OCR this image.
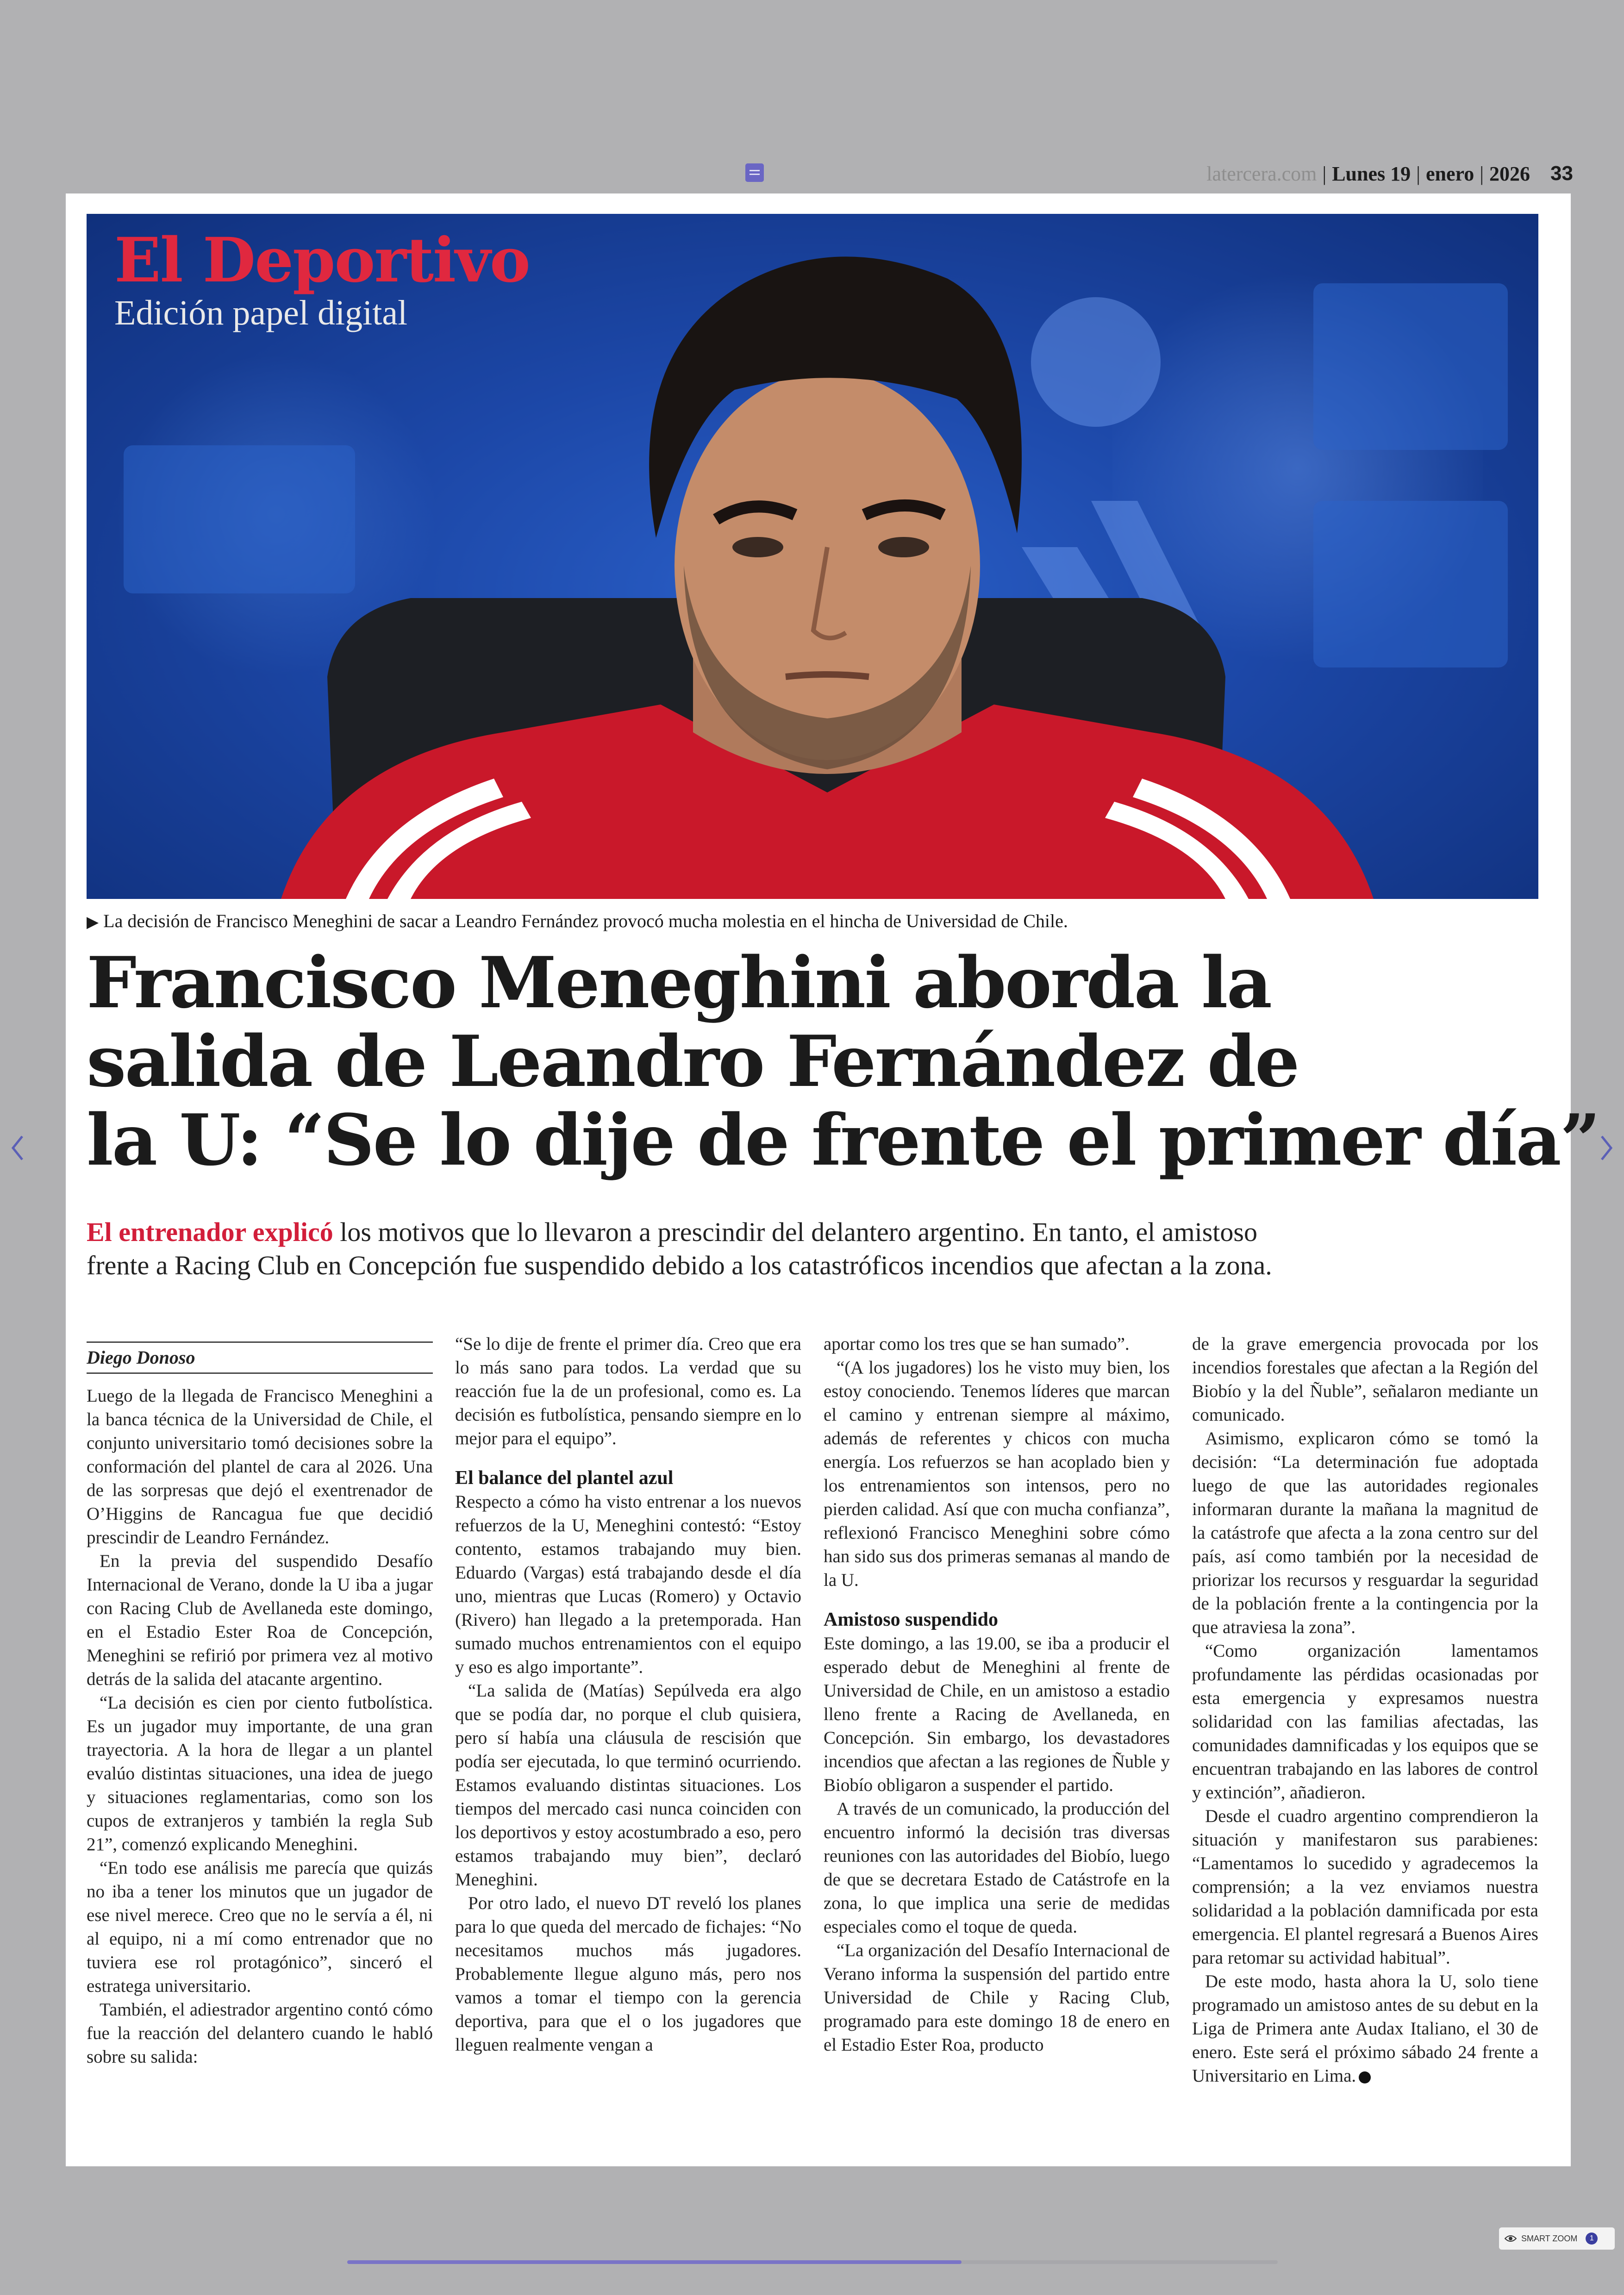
latercera.com | Lunes 19 | enero | 2026 33
El Deportivo
Edición papel digital
▶ La decisión de Francisco Meneghini de sacar a Leandro Fernández provocó mucha molestia en el hincha de Universidad de Chile.
Francisco Meneghini aborda la
salida de Leandro Fernández de
la U: “Se lo dije de frente el primer día”
El entrenador explicó los motivos que lo llevaron a prescindir del delantero argentino. En tanto, el amistoso
frente a Racing Club en Concepción fue suspendido debido a los catastróficos incendios que afectan a la zona.
Diego Donoso

Luego de la llegada de Francisco Meneghini a la banca técnica de la Universidad de Chile, el conjunto universitario tomó decisiones sobre la conformación del plantel de cara al 2026. Una de las sorpresas que dejó el exentrenador de O’Higgins de Rancagua fue que decidió prescindir de Leandro Fernández.

En la previa del suspendido Desafío Internacional de Verano, donde la U iba a jugar con Racing Club de Avellaneda este domingo, en el Estadio Ester Roa de Concepción, Meneghini se refirió por primera vez al motivo detrás de la salida del atacante argentino.

“La decisión es cien por ciento futbolística. Es un jugador muy importante, de una gran trayectoria. A la hora de llegar a un plantel evalúo distintas situaciones, una idea de juego y situaciones reglamentarias, como son los cupos de extranjeros y también la regla Sub 21”, comenzó explicando Meneghini.

“En todo ese análisis me parecía que quizás no iba a tener los minutos que un jugador de ese nivel merece. Creo que no le servía a él, ni al equipo, ni a mí como entrenador que no tuviera ese rol protagónico”, sinceró el estratega universitario.

También, el adiestrador argentino contó cómo fue la reacción del delantero cuando le habló sobre su salida:

“Se lo dije de frente el primer día. Creo que era lo más sano para todos. La verdad que su reacción fue la de un profesional, como es. La decisión es futbolística, pensando siempre en lo mejor para el equipo”.

El balance del plantel azul

Respecto a cómo ha visto entrenar a los nuevos refuerzos de la U, Meneghini contestó: “Estoy contento, estamos trabajando muy bien. Eduardo (Vargas) está trabajando desde el día uno, mientras que Lucas (Romero) y Octavio (Rivero) han llegado a la pretemporada. Han sumado muchos entrenamientos con el equipo y eso es algo importante”.

“La salida de (Matías) Sepúlveda era algo que se podía dar, no porque el club quisiera, pero sí había una cláusula de rescisión que podía ser ejecutada, lo que terminó ocurriendo. Estamos evaluando distintas situaciones. Los tiempos del mercado casi nunca coinciden con los deportivos y estoy acostumbrado a eso, pero estamos trabajando muy bien”, declaró Meneghini.

Por otro lado, el nuevo DT reveló los planes para lo que queda del mercado de fichajes: “No necesitamos muchos más jugadores. Probablemente llegue alguno más, pero nos vamos a tomar el tiempo con la gerencia deportiva, para que el o los jugadores que lleguen realmente vengan a

aportar como los tres que se han sumado”.

“(A los jugadores) los he visto muy bien, los estoy conociendo. Tenemos líderes que marcan el camino y entrenan siempre al máximo, además de referentes y chicos con mucha energía. Los refuerzos se han acoplado bien y los entrenamientos son intensos, pero no pierden calidad. Así que con mucha confianza”, reflexionó Francisco Meneghini sobre cómo han sido sus dos primeras semanas al mando de la U.

Amistoso suspendido

Este domingo, a las 19.00, se iba a producir el esperado debut de Meneghini al frente de Universidad de Chile, en un amistoso a estadio lleno frente a Racing de Avellaneda, en Concepción. Sin embargo, los devastadores incendios que afectan a las regiones de Ñuble y Biobío obligaron a suspender el partido.

A través de un comunicado, la producción del encuentro informó la decisión tras diversas reuniones con las autoridades del Biobío, luego de que se decretara Estado de Catástrofe en la zona, lo que implica una serie de medidas especiales como el toque de queda.

“La organización del Desafío Internacional de Verano informa la suspensión del partido entre Universidad de Chile y Racing Club, programado para este domingo 18 de enero en el Estadio Ester Roa, producto

de la grave emergencia provocada por los incendios forestales que afectan a la Región del Biobío y la del Ñuble”, señalaron mediante un comunicado.

Asimismo, explicaron cómo se tomó la decisión: “La determinación fue adoptada luego de que las autoridades regionales informaran durante la mañana la magnitud de la catástrofe que afecta a la zona centro sur del país, así como también por la necesidad de priorizar los recursos y resguardar la seguridad de la población frente a la contingencia por la que atraviesa la zona”.

“Como organización lamentamos profundamente las pérdidas ocasionadas por esta emergencia y expresamos nuestra solidaridad con las familias afectadas, las comunidades damnificadas y los equipos que se encuentran trabajando en las labores de control y extinción”, añadieron.

Desde el cuadro argentino comprendieron la situación y manifestaron sus parabienes: “Lamentamos lo sucedido y agradecemos la comprensión; a la vez enviamos nuestra solidaridad a la población damnificada por esta emergencia. El plantel regresará a Buenos Aires para retomar su actividad habitual”.

De este modo, hasta ahora la U, solo tiene programado un amistoso antes de su debut en la Liga de Primera ante Audax Italiano, el 30 de enero. Este será el próximo sábado 24 frente a Universitario en Lima.

SMART ZOOM	1
